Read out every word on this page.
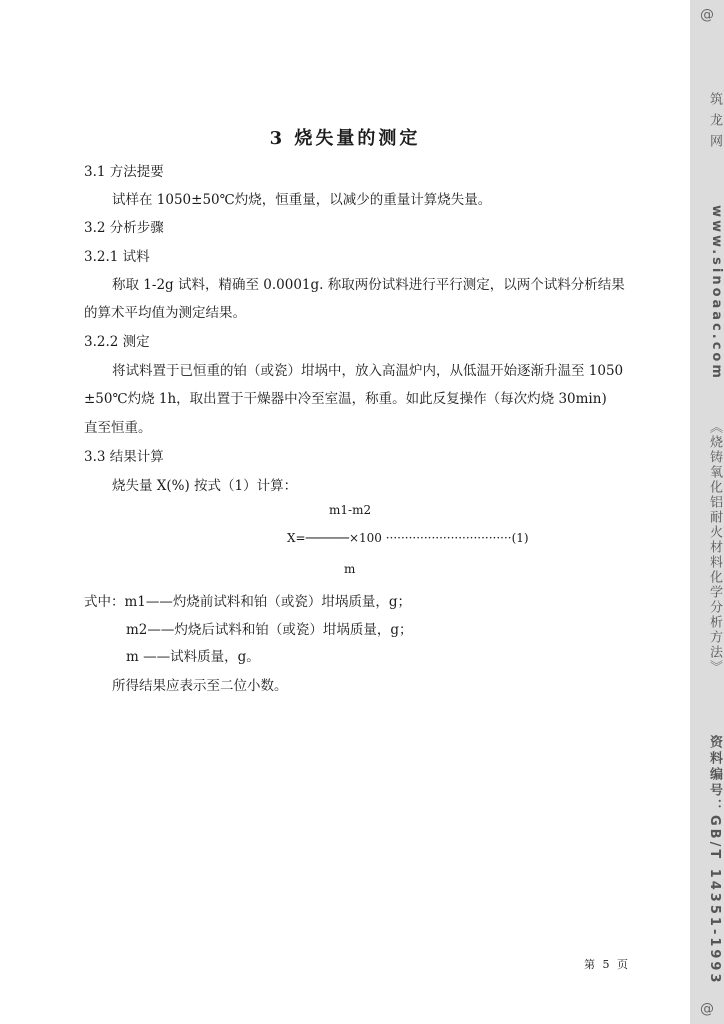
3 烧失量的测定
3.1 方法提要
试样在 1050±50℃灼烧，恒重量，以减少的重量计算烧失量。
3.2 分析步骤
3.2.1 试料
称取 1-2g 试料，精确至 0.0001g. 称取两份试料进行平行测定，以两个试料分析结果
的算术平均值为测定结果。
3.2.2 测定
将试料置于已恒重的铂（或瓷）坩埚中，放入高温炉内，从低温开始逐渐升温至 1050
±50℃灼烧 1h，取出置于干燥器中冷至室温，称重。如此反复操作（每次灼烧 30min)
直至恒重。
3.3 结果计算
烧失量 X(%) 按式（1）计算：
m1-m2
X=──────×100 ·································(1)
m
式中：m1——灼烧前试料和铂（或瓷）坩埚质量，g；
m2——灼烧后试料和铂（或瓷）坩埚质量，g；
m ——试料质量，g。
所得结果应表示至二位小数。
第 5 页
@
筑 龙 网
www.sinoaac.com
《烧铸氧化铝耐火材料化学分析方法》
资料编号：GB/T 14351-1993
@
